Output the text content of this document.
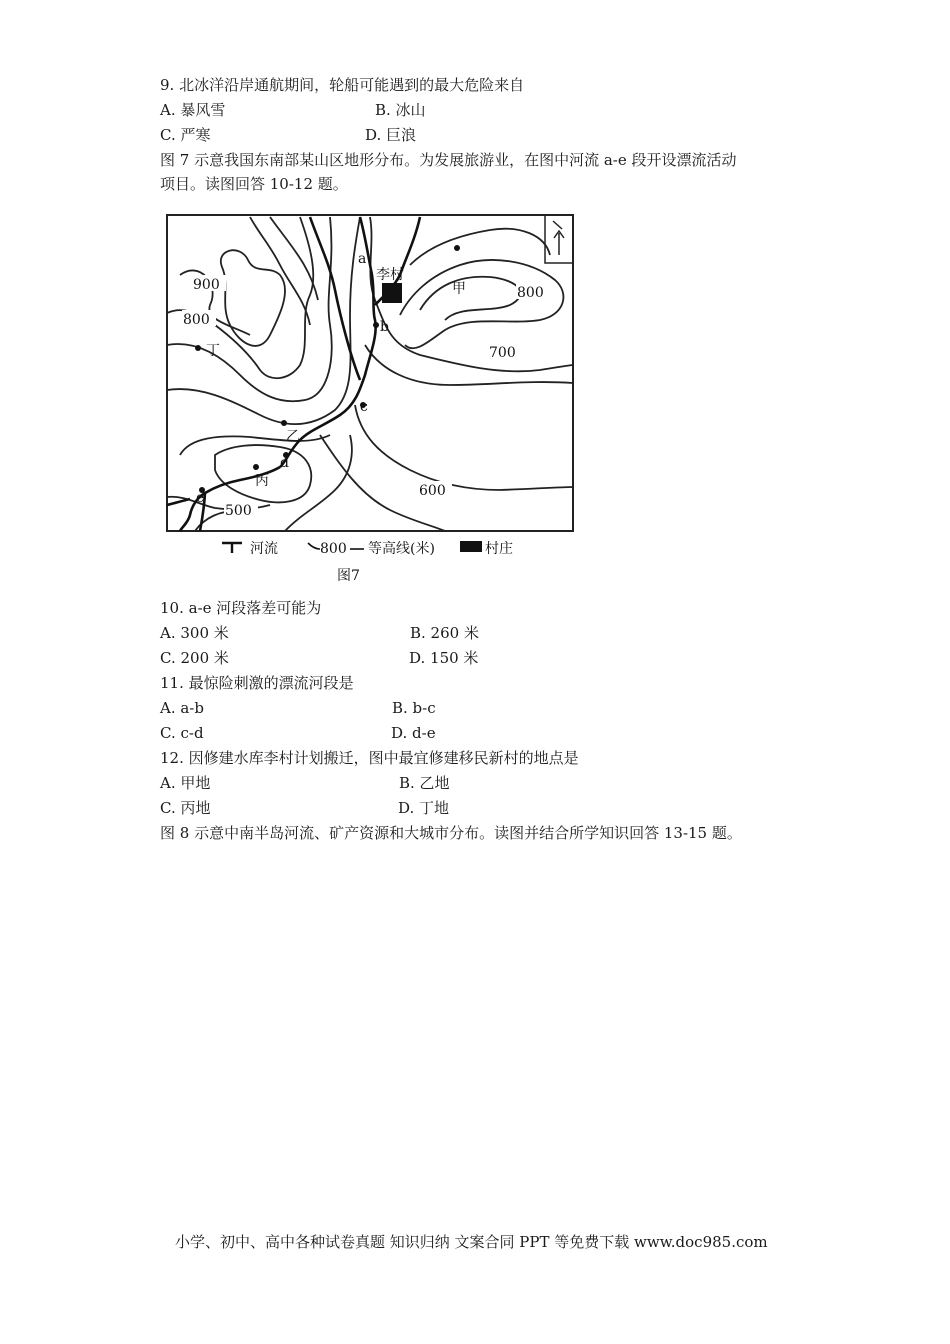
9. 北冰洋沿岸通航期间，轮船可能遇到的最大危险来自
A. 暴风雪	B. 冰山
C. 严寒	D. 巨浪
图 7 示意我国东南部某山区地形分布。为发展旅游业，在图中河流 a-e 段开设漂流活动
项目。读图回答 10-12 题。
900
800
800
700
600
500
a
b
c
d
e
李村
甲
乙
丙
丁
河流	800 等高线(米)	村庄
图7
10. a-e 河段落差可能为
A. 300 米	B. 260 米
C. 200 米	D. 150 米
11. 最惊险刺激的漂流河段是
A. a-b	B. b-c
C. c-d	D. d-e
12. 因修建水库李村计划搬迁，图中最宜修建移民新村的地点是
A. 甲地	B. 乙地
C. 丙地	D. 丁地
图 8 示意中南半岛河流、矿产资源和大城市分布。读图并结合所学知识回答 13-15 题。
小学、初中、高中各种试卷真题 知识归纳 文案合同 PPT 等免费下载 www.doc985.com
